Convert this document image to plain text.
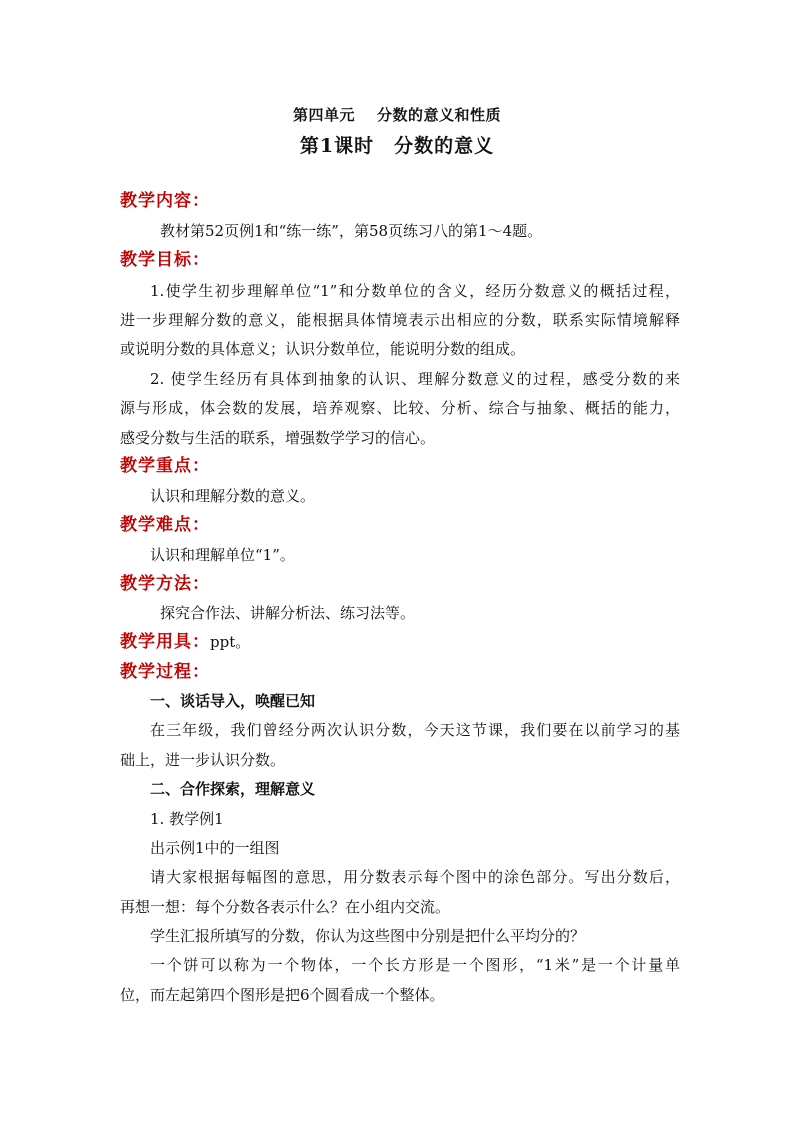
第四单元 分数的意义和性质
第1课时 分数的意义
教学内容：
教材第52页例1和“练一练”，第58页练习八的第1～4题。
教学目标：
1.使学生初步理解单位“1”和分数单位的含义，经历分数意义的概括过程，
进一步理解分数的意义，能根据具体情境表示出相应的分数，联系实际情境解释
或说明分数的具体意义；认识分数单位，能说明分数的组成。
2. 使学生经历有具体到抽象的认识、理解分数意义的过程，感受分数的来
源与形成，体会数的发展，培养观察、比较、分析、综合与抽象、概括的能力，
感受分数与生活的联系，增强数学学习的信心。
教学重点：
认识和理解分数的意义。
教学难点：
认识和理解单位“1”。
教学方法：
探究合作法、讲解分析法、练习法等。
教学用具：ppt。
教学过程：
一、谈话导入，唤醒已知
在三年级，我们曾经分两次认识分数，今天这节课，我们要在以前学习的基
础上，进一步认识分数。
二、合作探索，理解意义
1. 教学例1
出示例1中的一组图
请大家根据每幅图的意思，用分数表示每个图中的涂色部分。写出分数后，
再想一想：每个分数各表示什么？在小组内交流。
学生汇报所填写的分数，你认为这些图中分别是把什么平均分的？
一个饼可以称为一个物体，一个长方形是一个图形，“1米”是一个计量单
位，而左起第四个图形是把6个圆看成一个整体。
